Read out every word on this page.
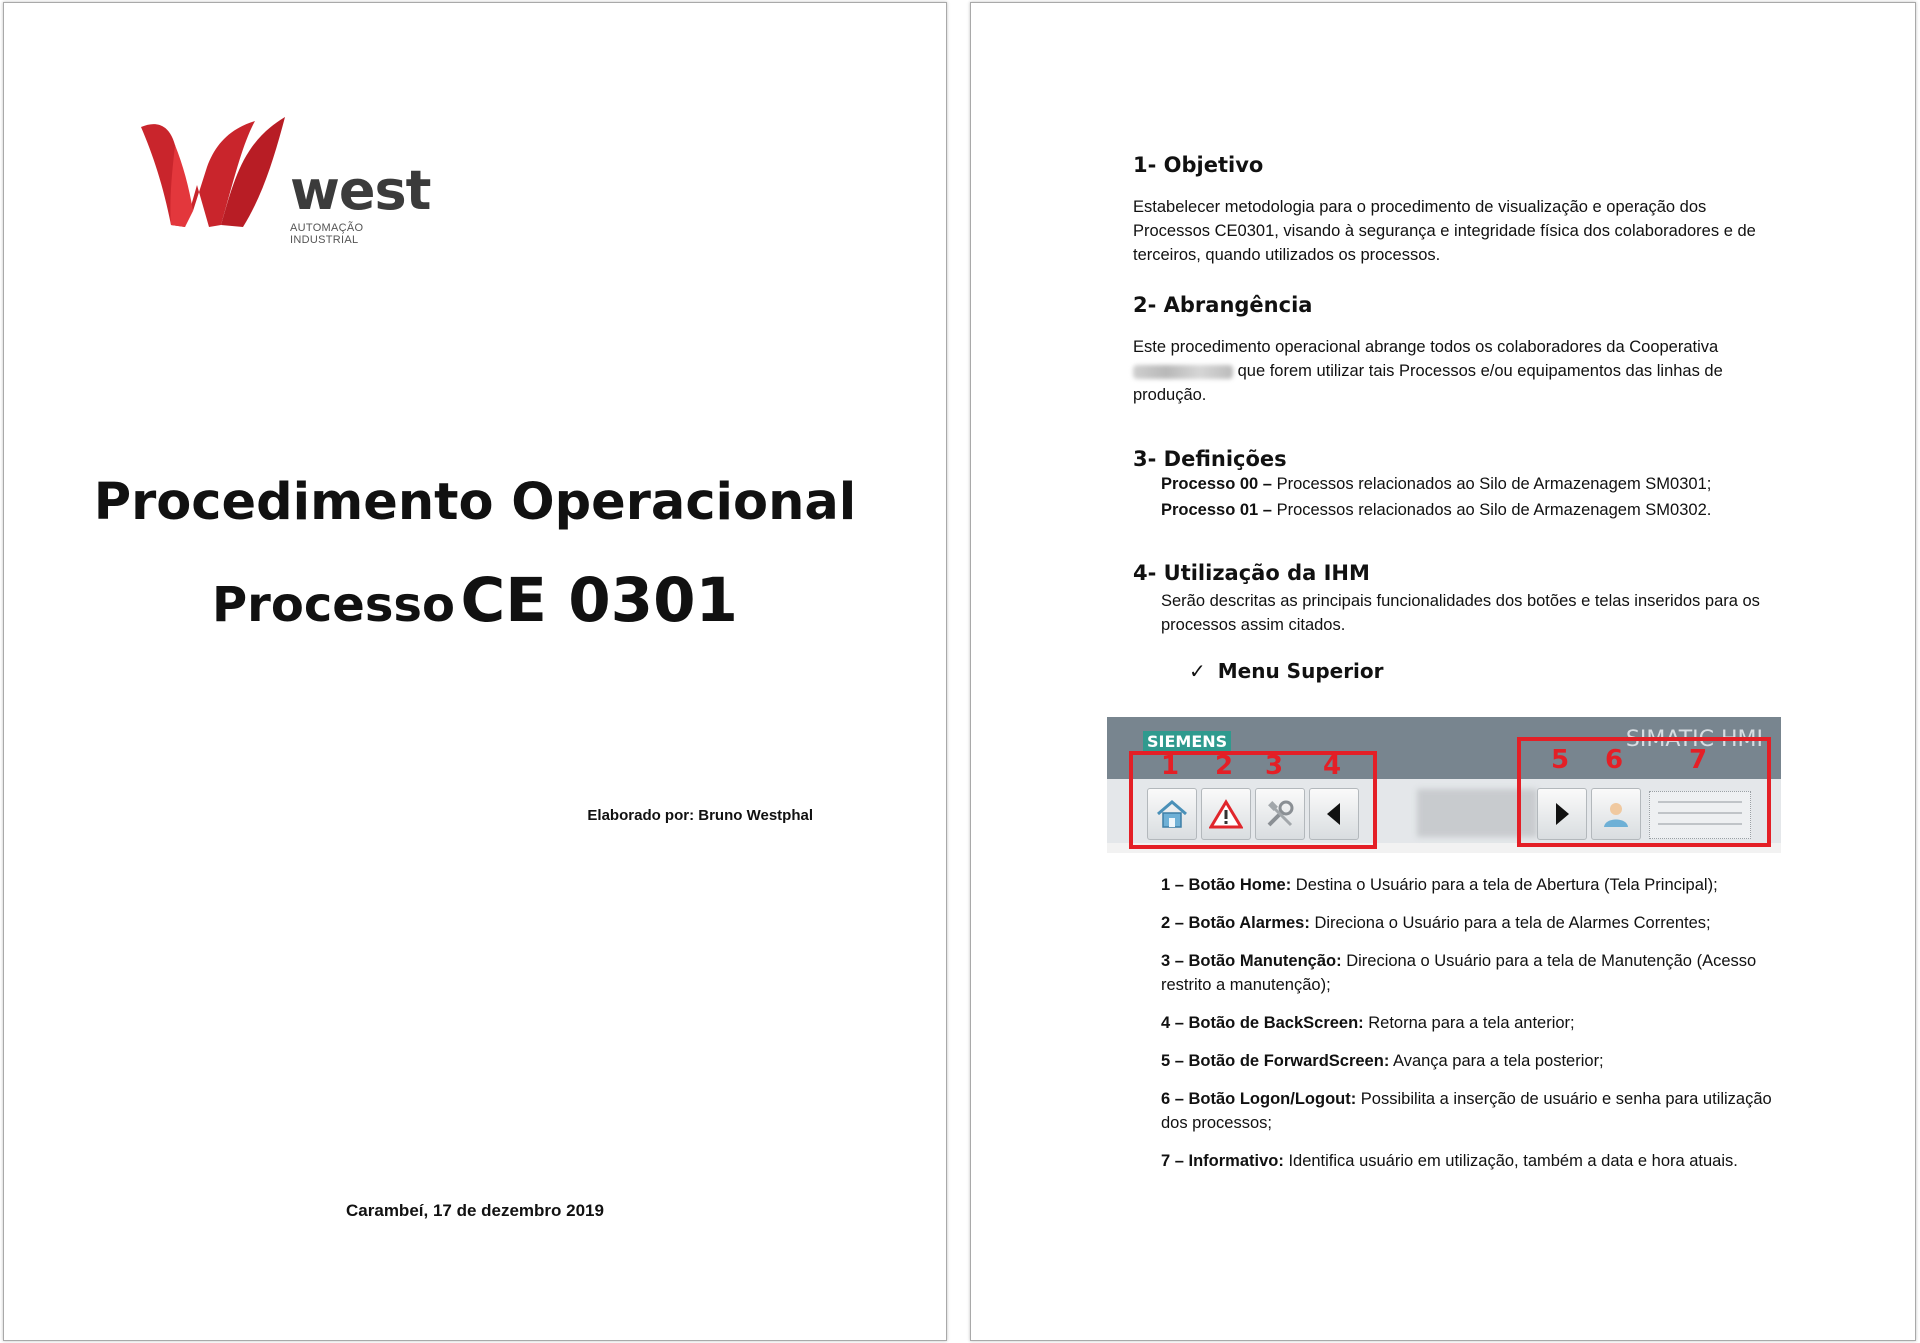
west
AUTOMAÇÃO INDUSTRIAL
Procedimento Operacional
Processo CE 0301
Elaborado por: Bruno Westphal
Carambeí, 17 de dezembro 2019

1- Objetivo

Estabelecer metodologia para o procedimento de visualização e operação dos Processos CE0301, visando à segurança e integridade física dos colaboradores e de terceiros, quando utilizados os processos.

2- Abrangência

Este procedimento operacional abrange todos os colaboradores da Cooperativa  que forem utilizar tais Processos e/ou equipamentos das linhas de produção.

3- Definições

Processo 00 – Processos relacionados ao Silo de Armazenagem SM0301;
Processo 01 – Processos relacionados ao Silo de Armazenagem SM0302.

4- Utilização da IHM

Serão descritas as principais funcionalidades dos botões e telas inseridos para os processos assim citados.

✓ Menu Superior

SIEMENS	SIMATIC HMI
1 2 3 4	5 6	7
1 – Botão Home: Destina o Usuário para a tela de Abertura (Tela Principal);
2 – Botão Alarmes: Direciona o Usuário para a tela de Alarmes Correntes;
3 – Botão Manutenção: Direciona o Usuário para a tela de Manutenção (Acesso restrito a manutenção);
4 – Botão de BackScreen: Retorna para a tela anterior;
5 – Botão de ForwardScreen: Avança para a tela posterior;
6 – Botão Logon/Logout: Possibilita a inserção de usuário e senha para utilização dos processos;
7 – Informativo: Identifica usuário em utilização, também a data e hora atuais.
